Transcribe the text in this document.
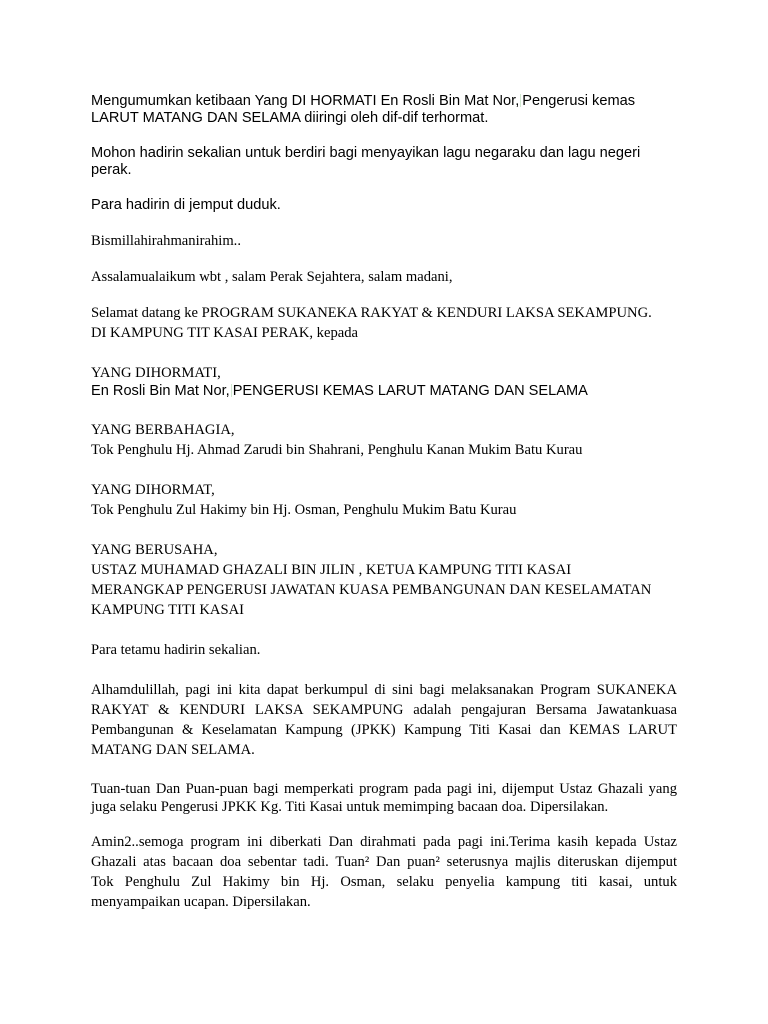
Mengumumkan ketibaan Yang DI HORMATI En Rosli Bin Mat Nor, Pengerusi kemas
LARUT MATANG DAN SELAMA diiringi oleh dif-dif terhormat.

Mohon hadirin sekalian untuk berdiri bagi menyayikan lagu negaraku dan lagu negeri
perak.

Para hadirin di jemput duduk.

Bismillahirahmanirahim..

Assalamualaikum wbt , salam Perak Sejahtera, salam madani,

Selamat datang ke PROGRAM SUKANEKA RAKYAT & KENDURI LAKSA SEKAMPUNG.
DI KAMPUNG TIT KASAI PERAK, kepada

YANG DIHORMATI,
En Rosli Bin Mat Nor, PENGERUSI KEMAS LARUT MATANG DAN SELAMA

YANG BERBAHAGIA,
Tok Penghulu Hj. Ahmad Zarudi bin Shahrani, Penghulu Kanan Mukim Batu Kurau

YANG DIHORMAT,
Tok Penghulu Zul Hakimy bin Hj. Osman, Penghulu Mukim Batu Kurau

YANG BERUSAHA,
USTAZ MUHAMAD GHAZALI BIN JILIN , KETUA KAMPUNG TITI KASAI
MERANGKAP PENGERUSI JAWATAN KUASA PEMBANGUNAN DAN KESELAMATAN
KAMPUNG TITI KASAI

Para tetamu hadirin sekalian.

Alhamdulillah, pagi ini kita dapat berkumpul di sini bagi melaksanakan Program SUKANEKA
RAKYAT & KENDURI LAKSA SEKAMPUNG adalah pengajuran Bersama Jawatankuasa
Pembangunan & Keselamatan Kampung (JPKK) Kampung Titi Kasai dan KEMAS LARUT
MATANG DAN SELAMA.

Tuan-tuan Dan Puan-puan bagi memperkati program pada pagi ini, dijemput Ustaz Ghazali yang
juga selaku Pengerusi JPKK Kg. Titi Kasai untuk memimping bacaan doa. Dipersilakan.

Amin2..semoga program ini diberkati Dan dirahmati pada pagi ini.Terima kasih kepada Ustaz
Ghazali atas bacaan doa sebentar tadi. Tuan² Dan puan² seterusnya majlis diteruskan dijemput
Tok Penghulu Zul Hakimy bin Hj. Osman, selaku penyelia kampung titi kasai, untuk
menyampaikan ucapan. Dipersilakan.
